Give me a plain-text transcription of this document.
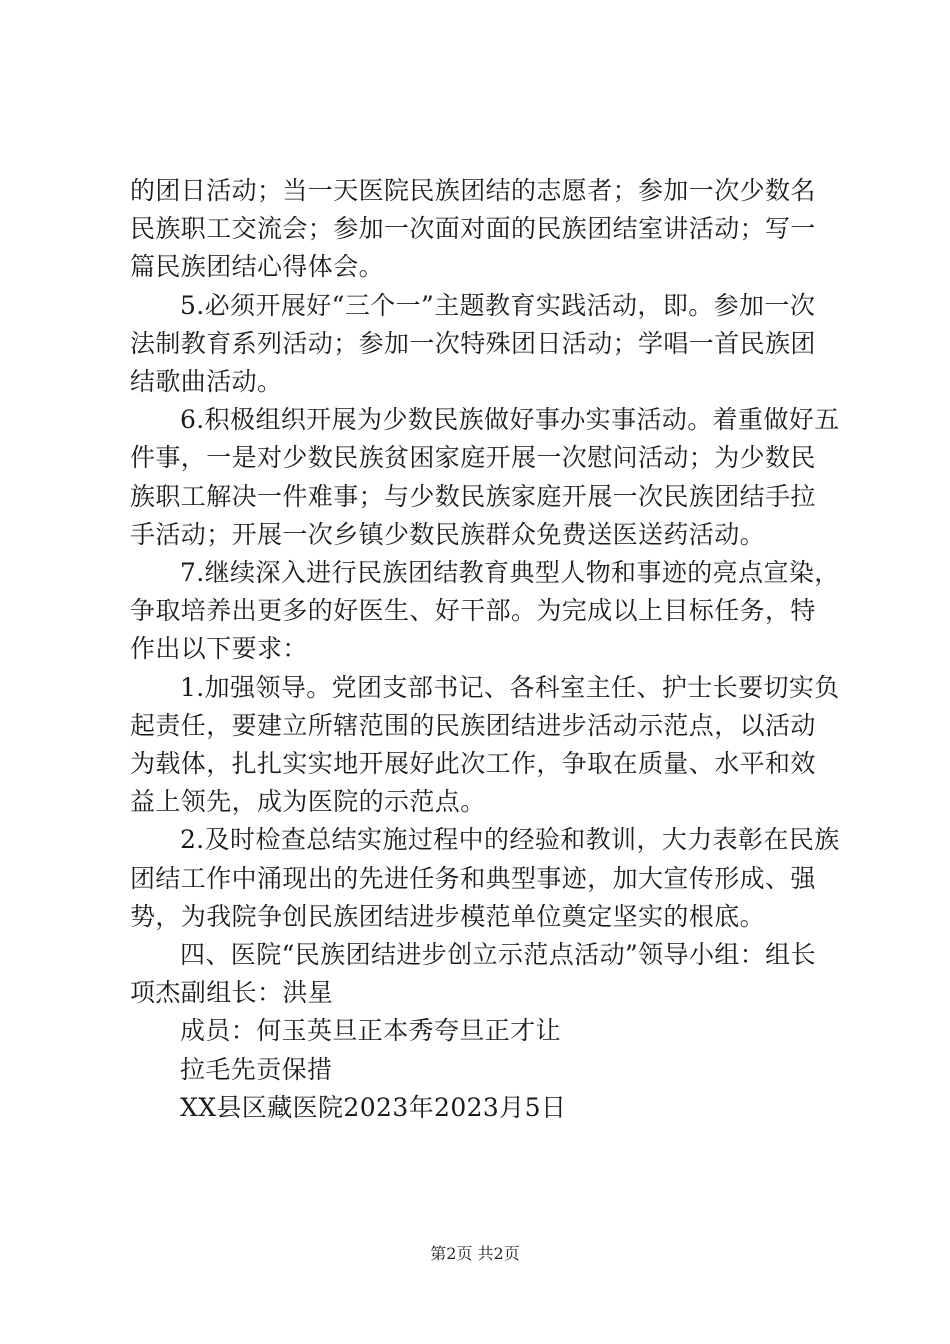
的团日活动；当一天医院民族团结的志愿者；参加一次少数名
民族职工交流会；参加一次面对面的民族团结室讲活动；写一
篇民族团结心得体会。
5.必须开展好“三个一”主题教育实践活动，即。参加一次
法制教育系列活动；参加一次特殊团日活动；学唱一首民族团
结歌曲活动。
6.积极组织开展为少数民族做好事办实事活动。着重做好五
件事，一是对少数民族贫困家庭开展一次慰问活动；为少数民
族职工解决一件难事；与少数民族家庭开展一次民族团结手拉
手活动；开展一次乡镇少数民族群众免费送医送药活动。
7.继续深入进行民族团结教育典型人物和事迹的亮点宣染，
争取培养出更多的好医生、好干部。为完成以上目标任务，特
作出以下要求：
1.加强领导。党团支部书记、各科室主任、护士长要切实负
起责任，要建立所辖范围的民族团结进步活动示范点，以活动
为载体，扎扎实实地开展好此次工作，争取在质量、水平和效
益上领先，成为医院的示范点。
2.及时检查总结实施过程中的经验和教训，大力表彰在民族
团结工作中涌现出的先进任务和典型事迹，加大宣传形成、强
势，为我院争创民族团结进步模范单位奠定坚实的根底。
四、医院“民族团结进步创立示范点活动”领导小组：组长
项杰副组长：洪星
成员：何玉英旦正本秀夸旦正才让
拉毛先贡保措
XX县区藏医院2023年2023月5日
第2页 共2页
